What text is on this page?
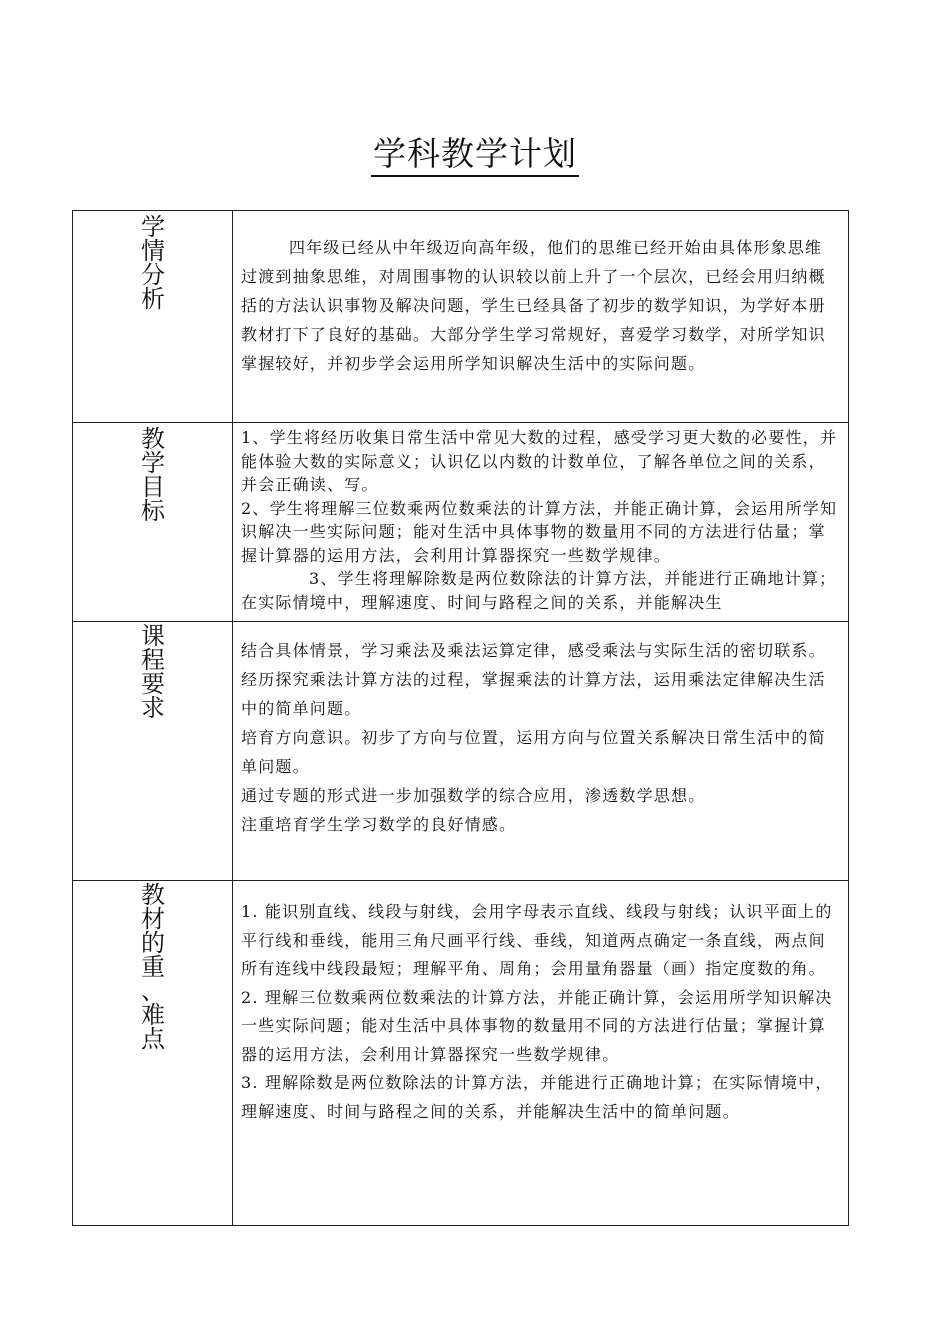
学科教学计划
学
情
分
析

四年级已经从中年级迈向高年级，他们的思维已经开始由具体形象思维过渡到抽象思维，对周围事物的认识较以前上升了一个层次，已经会用归纳概括的方法认识事物及解决问题，学生已经具备了初步的数学知识，为学好本册教材打下了良好的基础。大部分学生学习常规好，喜爱学习数学，对所学知识掌握较好，并初步学会运用所学知识解决生活中的实际问题。

教
学
目
标

1、学生将经历收集日常生活中常见大数的过程，感受学习更大数的必要性，并能体验大数的实际意义；认识亿以内数的计数单位，了解各单位之间的关系，并会正确读、写。

2、学生将理解三位数乘两位数乘法的计算方法，并能正确计算，会运用所学知识解决一些实际问题；能对生活中具体事物的数量用不同的方法进行估量；掌握计算器的运用方法，会利用计算器探究一些数学规律。

3、学生将理解除数是两位数除法的计算方法，并能进行正确地计算；在实际情境中，理解速度、时间与路程之间的关系，并能解决生

课
程
要
求

结合具体情景，学习乘法及乘法运算定律，感受乘法与实际生活的密切联系。

经历探究乘法计算方法的过程，掌握乘法的计算方法，运用乘法定律解决生活中的简单问题。

培育方向意识。初步了方向与位置，运用方向与位置关系解决日常生活中的简单问题。

通过专题的形式进一步加强数学的综合应用，渗透数学思想。

注重培育学生学习数学的良好情感。

教
材
的
重
、
难
点

1. 能识别直线、线段与射线，会用字母表示直线、线段与射线；认识平面上的平行线和垂线，能用三角尺画平行线、垂线，知道两点确定一条直线，两点间所有连线中线段最短；理解平角、周角；会用量角器量（画）指定度数的角。

2. 理解三位数乘两位数乘法的计算方法，并能正确计算，会运用所学知识解决一些实际问题；能对生活中具体事物的数量用不同的方法进行估量；掌握计算器的运用方法，会利用计算器探究一些数学规律。

3. 理解除数是两位数除法的计算方法，并能进行正确地计算；在实际情境中，理解速度、时间与路程之间的关系，并能解决生活中的简单问题。
